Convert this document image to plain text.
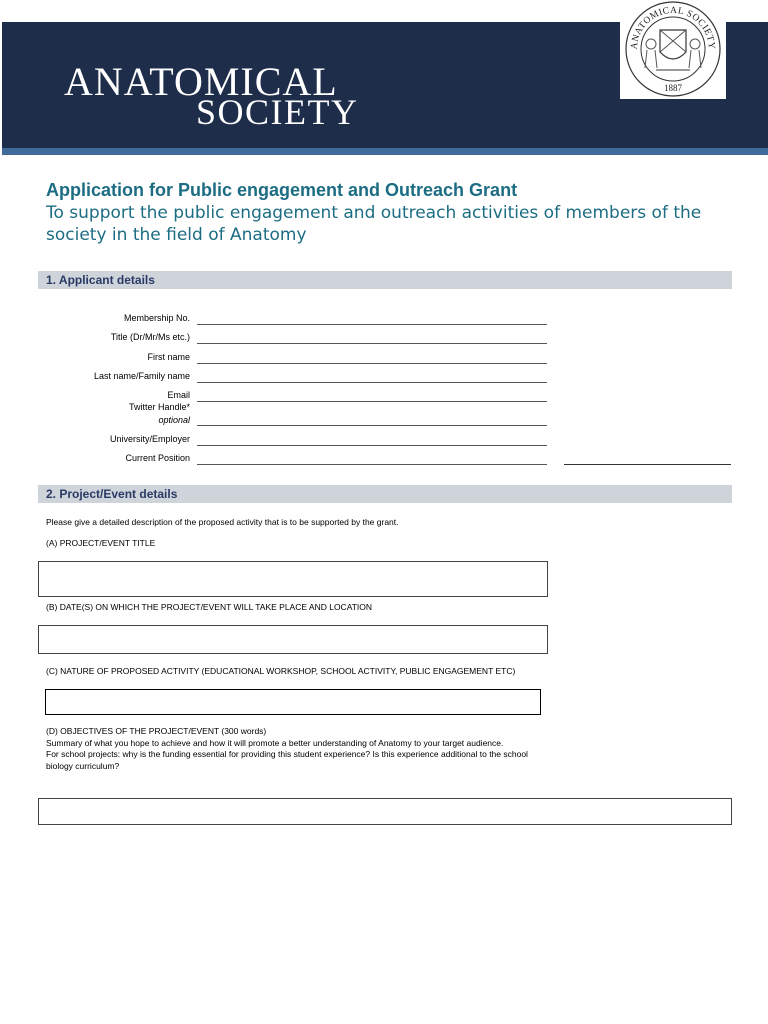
ANATOMICAL
SOCIETY
ANATOMICAL SOCIETY
1887
Application for Public engagement and Outreach Grant
To support the public engagement and outreach activities of members of the society in the field of Anatomy
1. Applicant details
Membership No.
Title (Dr/Mr/Ms etc.)
First name
Last name/Family name
Email
Twitter Handle*
optional
University/Employer
Current Position
2. Project/Event details
Please give a detailed description of the proposed activity that is to be supported by the grant.
(A) PROJECT/EVENT TITLE
(B) DATE(S) ON WHICH THE PROJECT/EVENT WILL TAKE PLACE AND LOCATION
(C) NATURE OF PROPOSED ACTIVITY (EDUCATIONAL WORKSHOP, SCHOOL ACTIVITY, PUBLIC ENGAGEMENT ETC)
(D) OBJECTIVES OF THE PROJECT/EVENT (300 words)
Summary of what you hope to achieve and how it will promote a better understanding of Anatomy to your target audience.
For school projects: why is the funding essential for providing this student experience? Is this experience additional to the school biology curriculum?
